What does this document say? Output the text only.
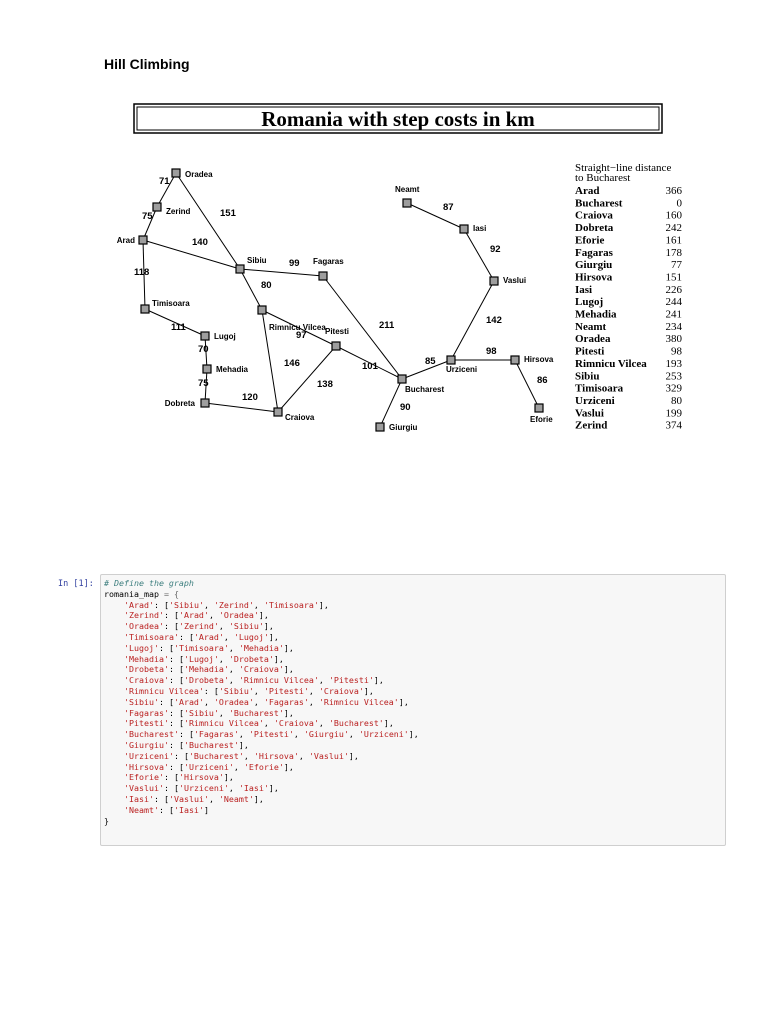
Hill Climbing
Romania with step costs in km
71
75	151
140
118
111
70
75
120
99
80
97
146
138
211
101
90
85
98
86
142
92
87
Oradea
Zerind
Arad
Timisoara
Lugoj
Mehadia
Dobreta
Craiova
Sibiu
Rimnicu Vilcea
Fagaras
Pitesti
Bucharest
Giurgiu
Urziceni
Hirsova
Eforie
Vaslui
Iasi
Neamt
Straight−line distance
to Bucharest
Arad	366
Bucharest	0
Craiova	160
Dobreta	242
Eforie	161
Fagaras	178
Giurgiu	77
Hirsova	151
Iasi	226
Lugoj	244
Mehadia	241
Neamt	234
Oradea	380
Pitesti	98
Rimnicu Vilcea 193
Sibiu	253
Timisoara	329
Urziceni	80
Vaslui	199
Zerind	374
In [1]:	# Define the graph
romania_map = {
'Arad': ['Sibiu', 'Zerind', 'Timisoara'],
'Zerind': ['Arad', 'Oradea'],
'Oradea': ['Zerind', 'Sibiu'],
'Timisoara': ['Arad', 'Lugoj'],
'Lugoj': ['Timisoara', 'Mehadia'],
'Mehadia': ['Lugoj', 'Drobeta'],
'Drobeta': ['Mehadia', 'Craiova'],
'Craiova': ['Drobeta', 'Rimnicu Vilcea', 'Pitesti'],
'Rimnicu Vilcea': ['Sibiu', 'Pitesti', 'Craiova'],
'Sibiu': ['Arad', 'Oradea', 'Fagaras', 'Rimnicu Vilcea'],
'Fagaras': ['Sibiu', 'Bucharest'],
'Pitesti': ['Rimnicu Vilcea', 'Craiova', 'Bucharest'],
'Bucharest': ['Fagaras', 'Pitesti', 'Giurgiu', 'Urziceni'],
'Giurgiu': ['Bucharest'],
'Urziceni': ['Bucharest', 'Hirsova', 'Vaslui'],
'Hirsova': ['Urziceni', 'Eforie'],
'Eforie': ['Hirsova'],
'Vaslui': ['Urziceni', 'Iasi'],
'Iasi': ['Vaslui', 'Neamt'],
'Neamt': ['Iasi']
}
